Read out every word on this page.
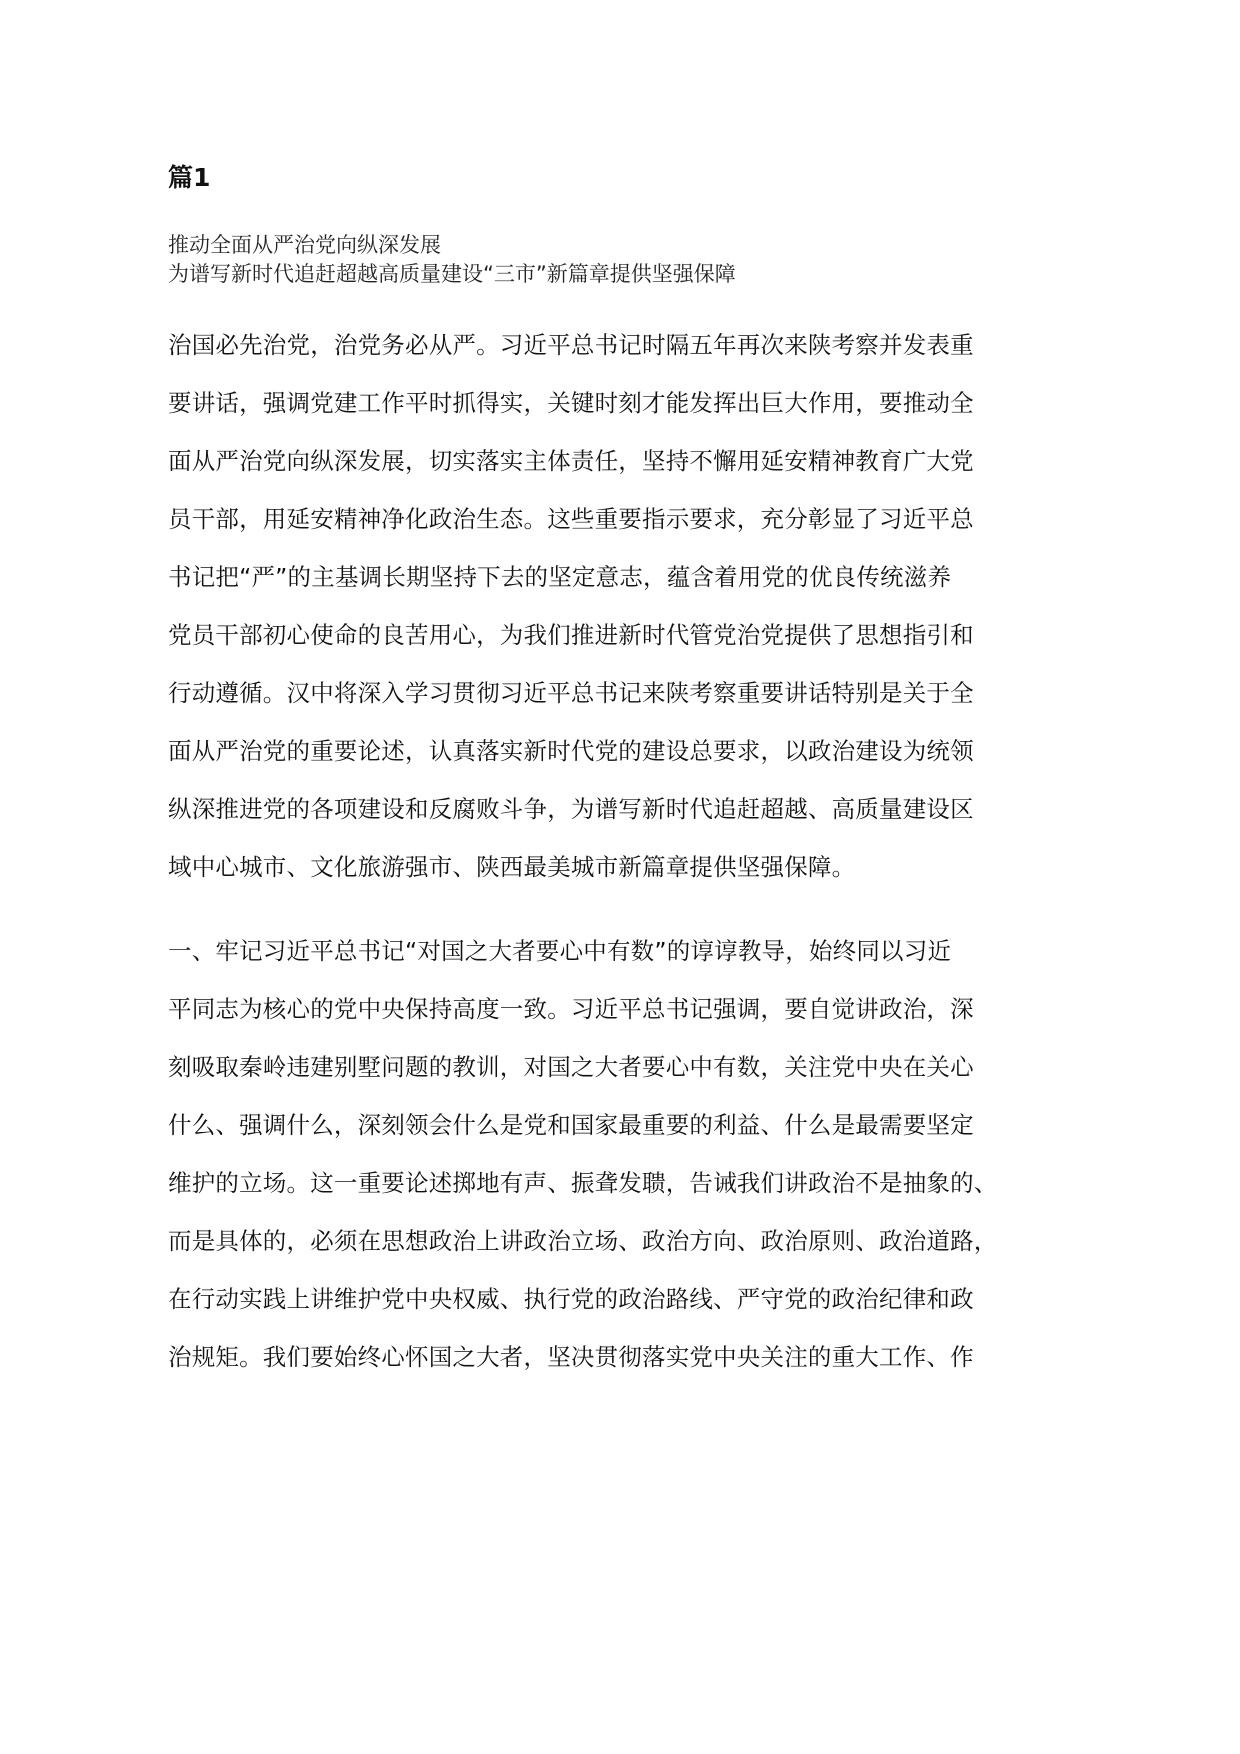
篇1
推动全面从严治党向纵深发展
为谱写新时代追赶超越高质量建设“三市”新篇章提供坚强保障
治国必先治党，治党务必从严。习近平总书记时隔五年再次来陕考察并发表重
要讲话，强调党建工作平时抓得实，关键时刻才能发挥出巨大作用，要推动全
面从严治党向纵深发展，切实落实主体责任，坚持不懈用延安精神教育广大党
员干部，用延安精神净化政治生态。这些重要指示要求，充分彰显了习近平总
书记把“严”的主基调长期坚持下去的坚定意志，蕴含着用党的优良传统滋养
党员干部初心使命的良苦用心，为我们推进新时代管党治党提供了思想指引和
行动遵循。汉中将深入学习贯彻习近平总书记来陕考察重要讲话特别是关于全
面从严治党的重要论述，认真落实新时代党的建设总要求，以政治建设为统领
纵深推进党的各项建设和反腐败斗争，为谱写新时代追赶超越、高质量建设区
域中心城市、文化旅游强市、陕西最美城市新篇章提供坚强保障。
一、牢记习近平总书记“对国之大者要心中有数”的谆谆教导，始终同以习近
平同志为核心的党中央保持高度一致。习近平总书记强调，要自觉讲政治，深
刻吸取秦岭违建别墅问题的教训，对国之大者要心中有数，关注党中央在关心
什么、强调什么，深刻领会什么是党和国家最重要的利益、什么是最需要坚定
维护的立场。这一重要论述掷地有声、振聋发聩，告诫我们讲政治不是抽象的、
而是具体的，必须在思想政治上讲政治立场、政治方向、政治原则、政治道路，
在行动实践上讲维护党中央权威、执行党的政治路线、严守党的政治纪律和政
治规矩。我们要始终心怀国之大者，坚决贯彻落实党中央关注的重大工作、作
